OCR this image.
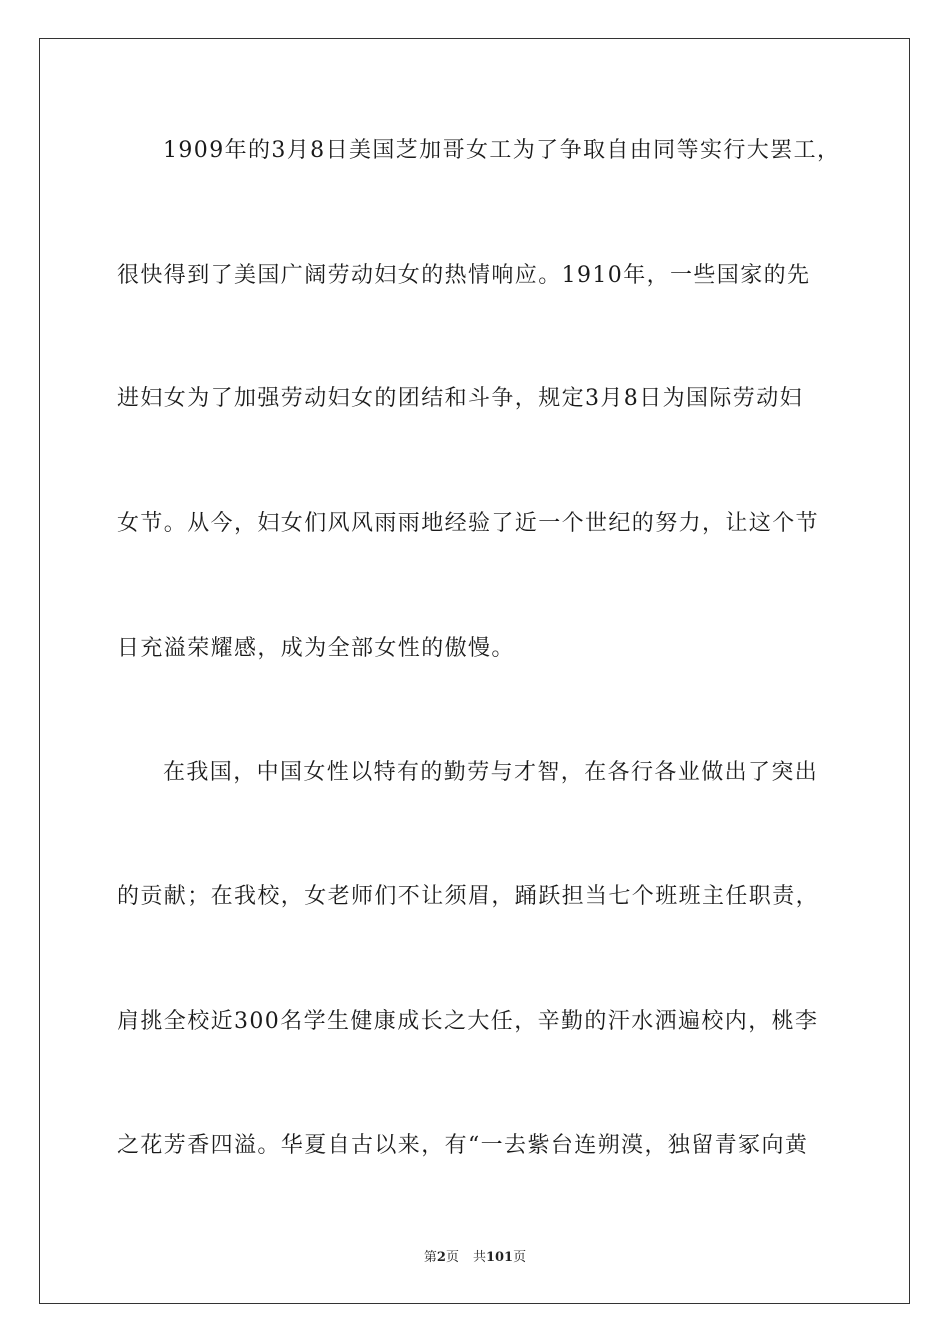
1909年的3月8日美国芝加哥女工为了争取自由同等实行大罢工，
很快得到了美国广阔劳动妇女的热情响应。1910年，一些国家的先
进妇女为了加强劳动妇女的团结和斗争，规定3月8日为国际劳动妇
女节。从今，妇女们风风雨雨地经验了近一个世纪的努力，让这个节
日充溢荣耀感，成为全部女性的傲慢。
在我国，中国女性以特有的勤劳与才智，在各行各业做出了突出
的贡献；在我校，女老师们不让须眉，踊跃担当七个班班主任职责，
肩挑全校近300名学生健康成长之大任，辛勤的汗水洒遍校内，桃李
之花芳香四溢。华夏自古以来，有“一去紫台连朔漠，独留青冢向黄
第2页 共101页
